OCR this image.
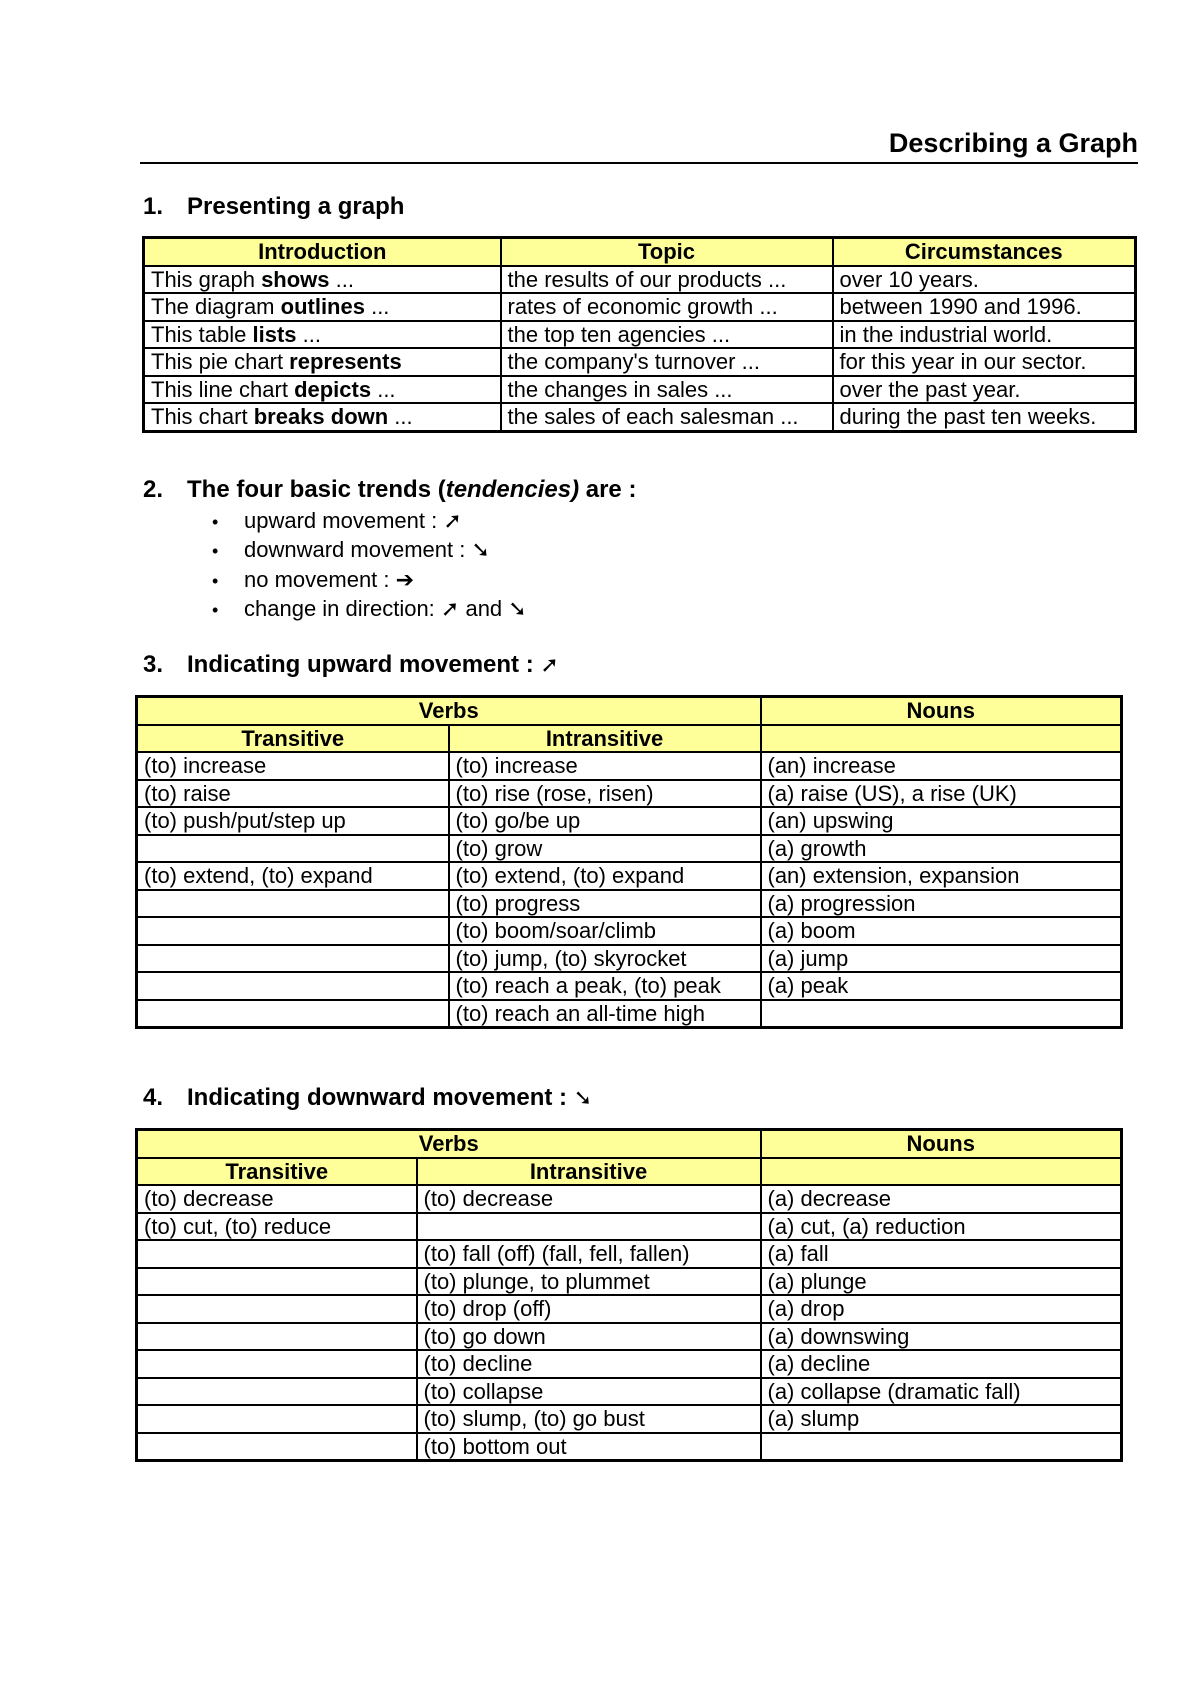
Describing a Graph
1. Presenting a graph
Introduction	Topic	Circumstances
This graph shows ...	the results of our products ...	over 10 years.
The diagram outlines ...	rates of economic growth ...	between 1990 and 1996.
This table lists ...	the top ten agencies ...	in the industrial world.
This pie chart represents	the company's turnover ...	for this year in our sector.
This line chart depicts ...	the changes in sales ...	over the past year.
This chart breaks down ...	the sales of each salesman ...	during the past ten weeks.
2. The four basic trends (tendencies) are :
• upward movement : ➚
• downward movement : ➘
• no movement : ➔
• change in direction: ➚ and ➘
3. Indicating upward movement : ➚
Verbs		Nouns
Transitive	Intransitive	
(to) increase	(to) increase	(an) increase
(to) raise	(to) rise (rose, risen)	(a) raise (US), a rise (UK)
(to) push/put/step up	(to) go/be up	(an) upswing
	(to) grow	(a) growth
(to) extend, (to) expand	(to) extend, (to) expand	(an) extension, expansion
	(to) progress	(a) progression
	(to) boom/soar/climb	(a) boom
	(to) jump, (to) skyrocket	(a) jump
	(to) reach a peak, (to) peak	(a) peak
	(to) reach an all-time high	
4. Indicating downward movement : ➘
Verbs		Nouns
Transitive	Intransitive	
(to) decrease	(to) decrease	(a) decrease
(to) cut, (to) reduce		(a) cut, (a) reduction
	(to) fall (off) (fall, fell, fallen)	(a) fall
	(to) plunge, to plummet	(a) plunge
	(to) drop (off)	(a) drop
	(to) go down	(a) downswing
	(to) decline	(a) decline
	(to) collapse	(a) collapse (dramatic fall)
	(to) slump, (to) go bust	(a) slump
	(to) bottom out	
